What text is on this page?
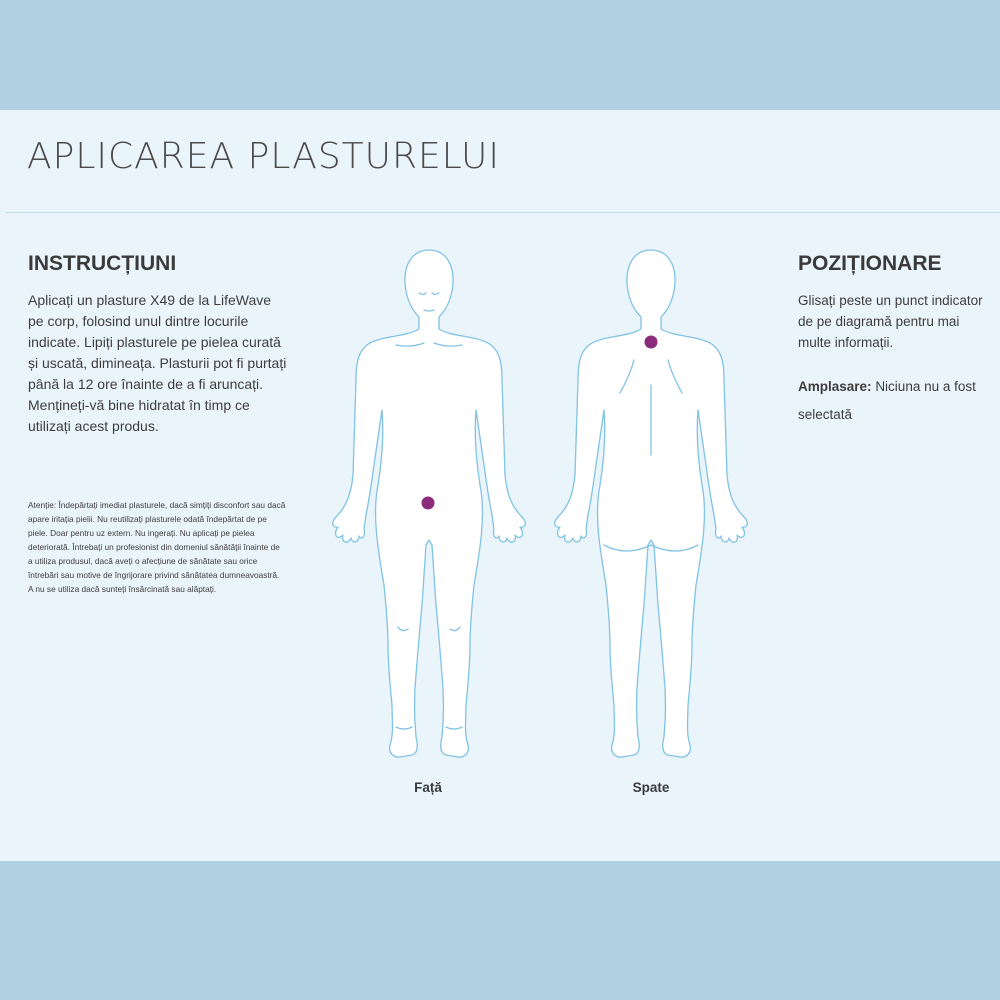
APLICAREA PLASTURELUI
INSTRUCȚIUNI

Aplicați un plasture X49 de la LifeWave pe corp, folosind unul dintre locurile indicate. Lipiți plasturele pe pielea curată și uscată, dimineața. Plasturii pot fi purtați până la 12 ore înainte de a fi aruncați. Mențineți-vă bine hidratat în timp ce utilizați acest produs.

Atenție: Îndepărtați imediat plasturele, dacă simțiți disconfort sau dacă apare iritația pielii. Nu reutilizați plasturele odată îndepărtat de pe piele. Doar pentru uz extern. Nu ingerați. Nu aplicați pe pielea deteriorată. Întrebați un profesionist din domeniul sănătății înainte de a utiliza produsul, dacă aveți o afecțiune de sănătate sau orice întrebări sau motive de îngrijorare privind sănătatea dumneavoastră. A nu se utiliza dacă sunteți însărcinată sau alăptați.

POZIȚIONARE

Glisați peste un punct indicator de pe diagramă pentru mai multe informații.

Amplasare: Niciuna nu a fost selectată
Față	Spate
